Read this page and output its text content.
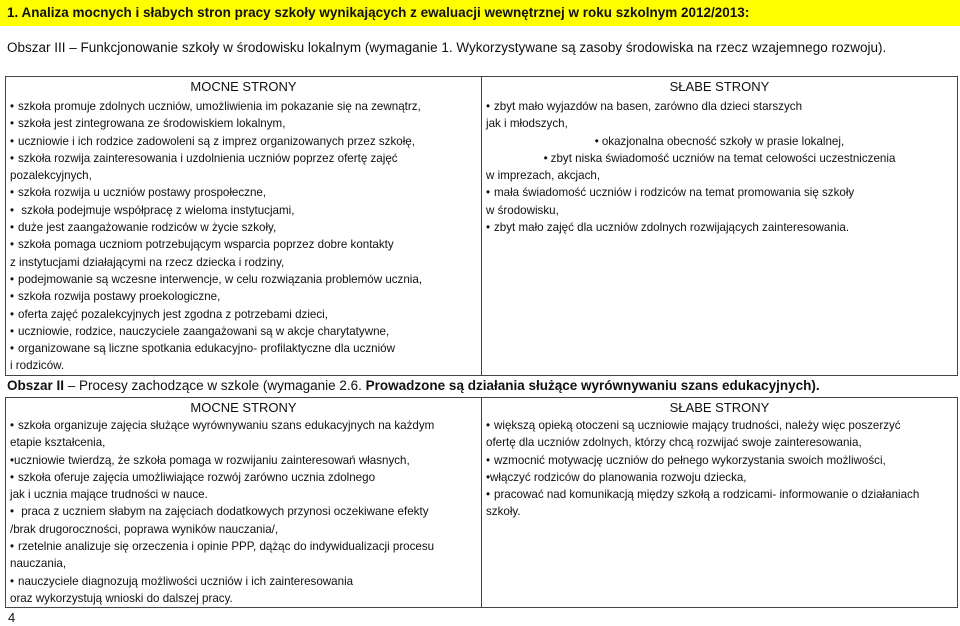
1. Analiza mocnych i słabych stron pracy szkoły wynikających z ewaluacji wewnętrznej w roku szkolnym 2012/2013:
Obszar III – Funkcjonowanie szkoły w środowisku lokalnym (wymaganie 1. Wykorzystywane są zasoby środowiska na rzecz wzajemnego rozwoju).
MOCNE STRONY
• szkoła promuje zdolnych uczniów, umożliwienia im pokazanie się na zewnątrz,
• szkoła jest zintegrowana ze środowiskiem lokalnym,
• uczniowie i ich rodzice zadowoleni są z imprez organizowanych przez szkołę,
• szkoła rozwija zainteresowania i uzdolnienia uczniów poprzez ofertę zajęć
pozalekcyjnych,
• szkoła rozwija u uczniów postawy prospołeczne,
• szkoła podejmuje współpracę z wieloma instytucjami,
• duże jest zaangażowanie rodziców w życie szkoły,
• szkoła pomaga uczniom potrzebującym wsparcia poprzez dobre kontakty
z instytucjami działającymi na rzecz dziecka i rodziny,
• podejmowanie są wczesne interwencje, w celu rozwiązania problemów ucznia,
• szkoła rozwija postawy proekologiczne,
• oferta zajęć pozalekcyjnych jest zgodna z potrzebami dzieci,
• uczniowie, rodzice, nauczyciele zaangażowani są w akcje charytatywne,
• organizowane są liczne spotkania edukacyjno- profilaktyczne dla uczniów
i rodziców.

SŁABE STRONY
• zbyt mało wyjazdów na basen, zarówno dla dzieci starszych
jak i młodszych,
• okazjonalna obecność szkoły w prasie lokalnej,
• zbyt niska świadomość uczniów na temat celowości uczestniczenia
w imprezach, akcjach,
• mała świadomość uczniów i rodziców na temat promowania się szkoły
w środowisku,
• zbyt mało zajęć dla uczniów zdolnych rozwijających zainteresowania.
Obszar II – Procesy zachodzące w szkole (wymaganie 2.6. Prowadzone są działania służące wyrównywaniu szans edukacyjnych).
MOCNE STRONY
• szkoła organizuje zajęcia służące wyrównywaniu szans edukacyjnych na każdym
etapie kształcenia,
•uczniowie twierdzą, że szkoła pomaga w rozwijaniu zainteresowań własnych,
• szkoła oferuje zajęcia umożliwiające rozwój zarówno ucznia zdolnego
jak i ucznia mające trudności w nauce.
• praca z uczniem słabym na zajęciach dodatkowych przynosi oczekiwane efekty
/brak drugoroczności, poprawa wyników nauczania/,
• rzetelnie analizuje się orzeczenia i opinie PPP, dążąc do indywidualizacji procesu
nauczania,
• nauczyciele diagnozują możliwości uczniów i ich zainteresowania
oraz wykorzystują wnioski do dalszej pracy.

SŁABE STRONY
• większą opieką otoczeni są uczniowie mający trudności, należy więc poszerzyć
ofertę dla uczniów zdolnych, którzy chcą rozwijać swoje zainteresowania,
• wzmocnić motywację uczniów do pełnego wykorzystania swoich możliwości,
•włączyć rodziców do planowania rozwoju dziecka,
• pracować nad komunikacją między szkołą a rodzicami- informowanie o działaniach
szkoły.
4
